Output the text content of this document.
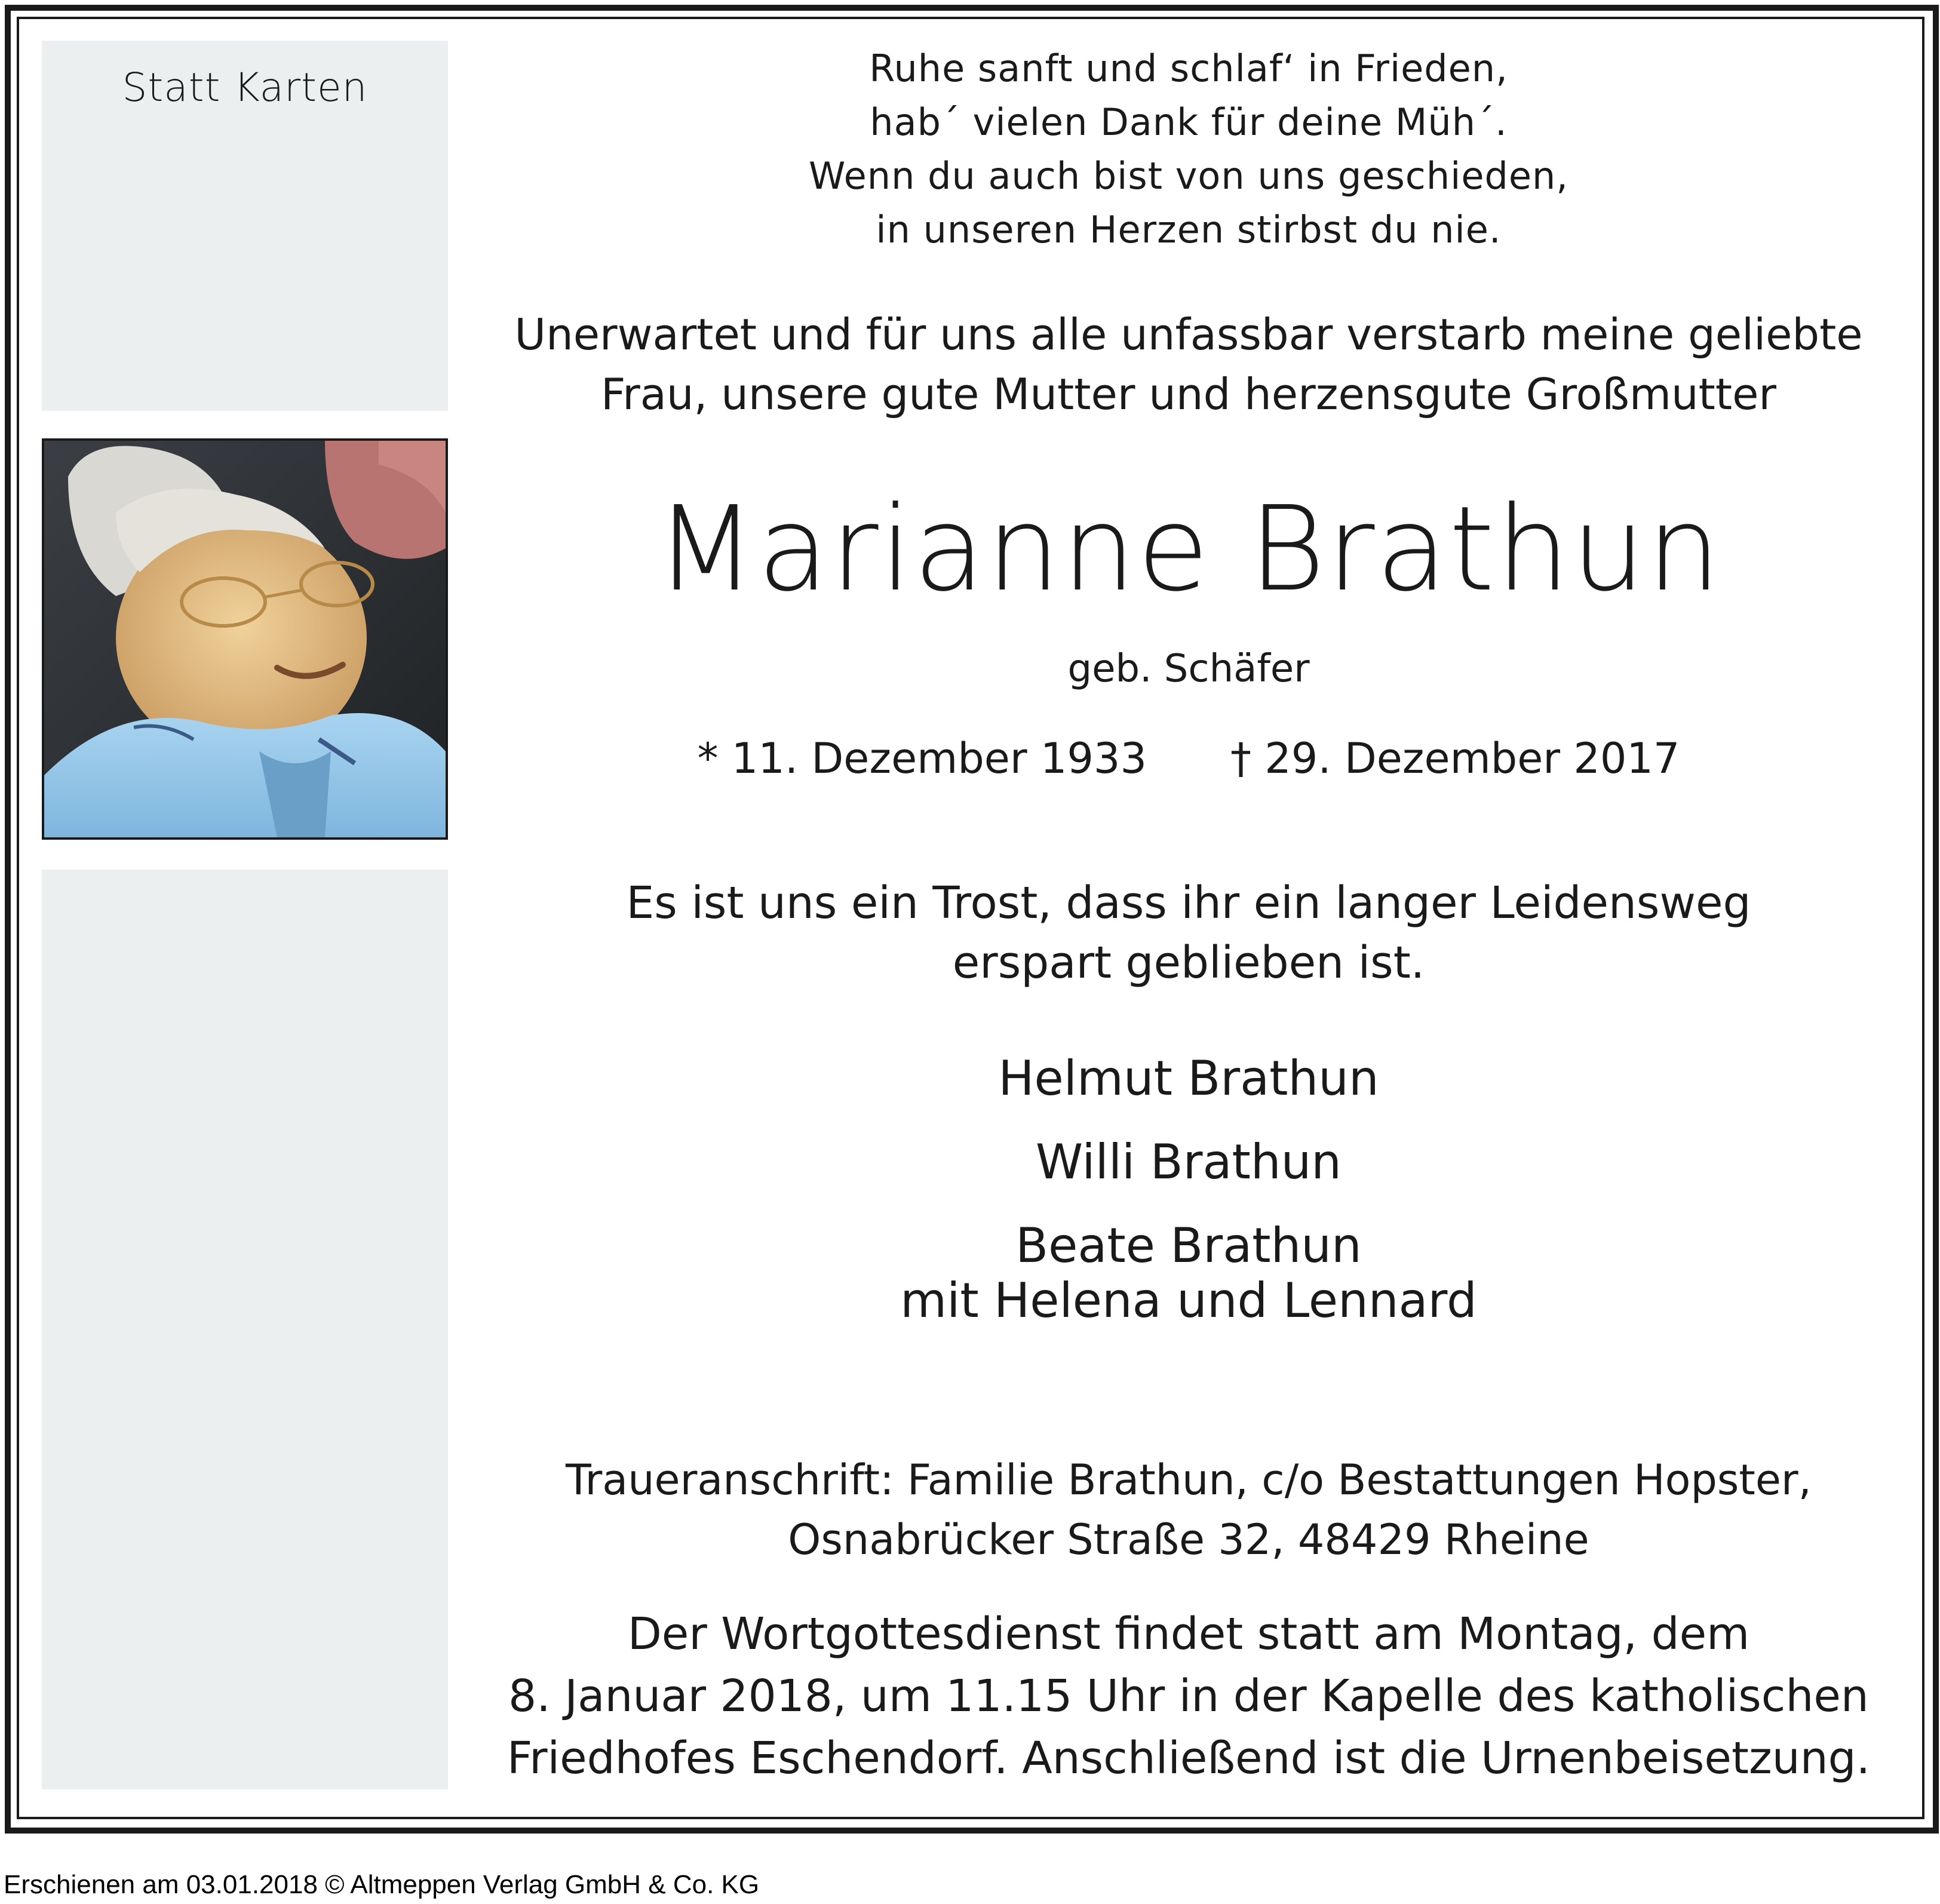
Statt Karten	Ruhe sanft und schlaf‘ in Frieden,
hab´ vielen Dank für deine Müh´.
Wenn du auch bist von uns geschieden,
in unseren Herzen stirbst du nie.
Unerwartet und für uns alle unfassbar verstarb meine geliebte
Frau, unsere gute Mutter und herzensgute Großmutter
Marianne Brathun
geb. Schäfer
* 11. Dezember 1933 † 29. Dezember 2017
Es ist uns ein Trost, dass ihr ein langer Leidensweg
erspart geblieben ist.
Helmut Brathun
Willi Brathun
Beate Brathun
mit Helena und Lennard
Traueranschrift: Familie Brathun, c/o Bestattungen Hopster,
Osnabrücker Straße 32, 48429 Rheine
Der Wortgottesdienst findet statt am Montag, dem
8. Januar 2018, um 11.15 Uhr in der Kapelle des katholischen
Friedhofes Eschendorf. Anschließend ist die Urnenbeisetzung.
Erschienen am 03.01.2018 © Altmeppen Verlag GmbH & Co. KG
